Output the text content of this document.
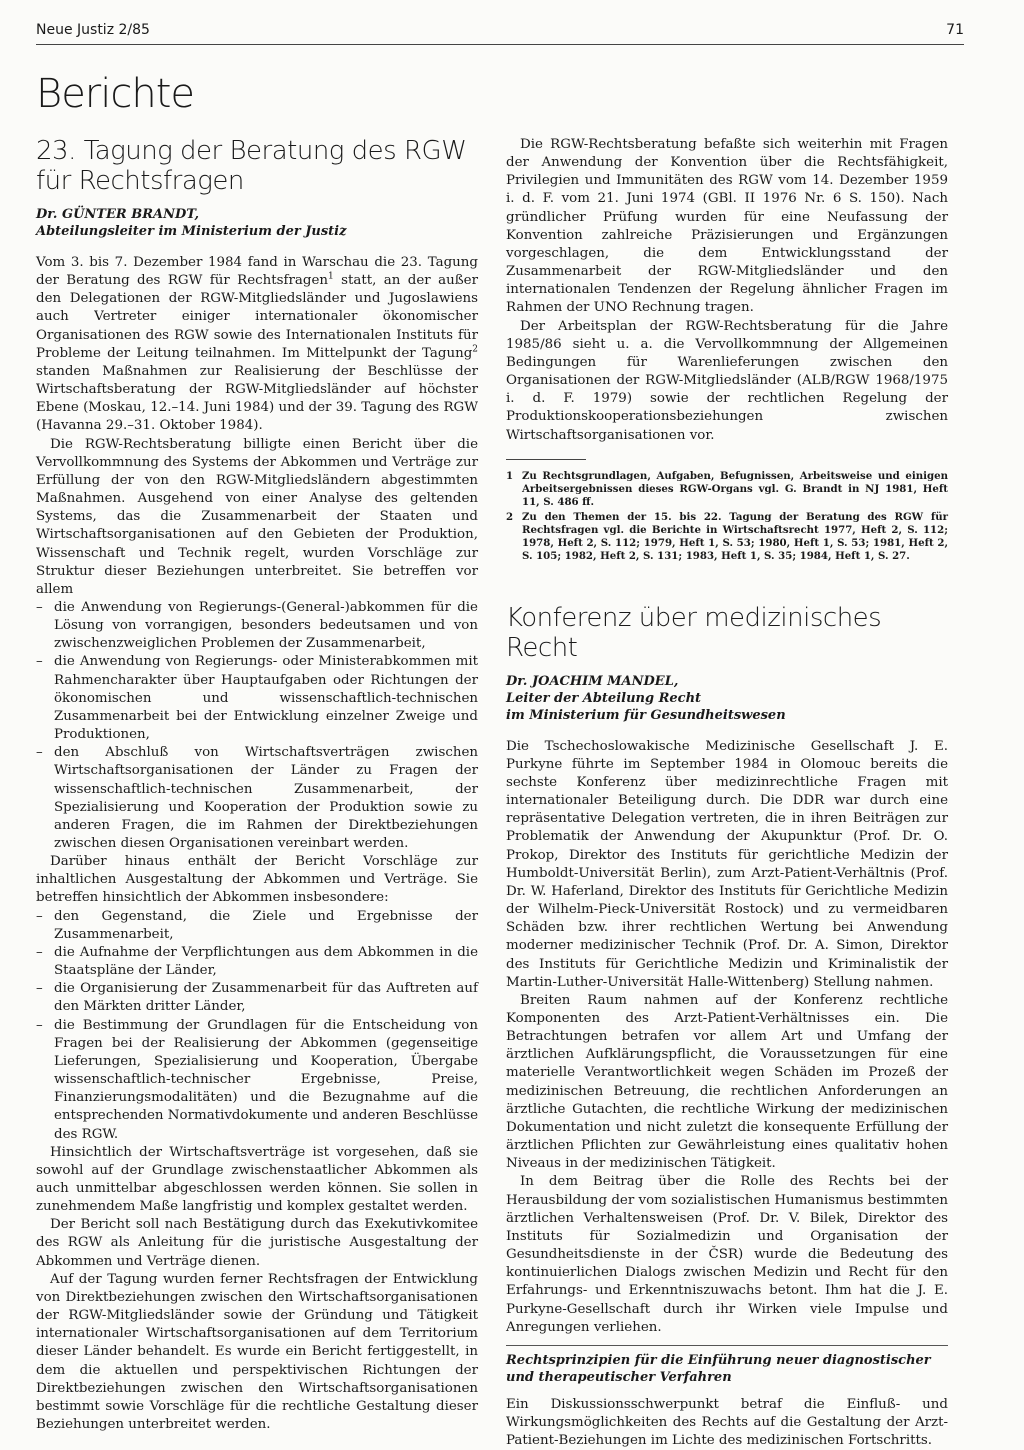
Neue Justiz 2/85	71
Berichte
23. Tagung der Beratung des RGW für Rechtsfragen
Dr. GÜNTER BRANDT,
Abteilungsleiter im Ministerium der Justiz

Vom 3. bis 7. Dezember 1984 fand in Warschau die 23. Tagung der Beratung des RGW für Rechtsfragen$^1$ statt, an der außer den Delegationen der RGW-Mitgliedsländer und Jugoslawiens auch Vertreter einiger internationaler ökonomischer Organisationen des RGW sowie des Internationalen Instituts für Probleme der Leitung teilnahmen. Im Mittelpunkt der Tagung$^2$ standen Maßnahmen zur Realisierung der Beschlüsse der Wirtschaftsberatung der RGW-Mitgliedsländer auf höchster Ebene (Moskau, 12.–14. Juni 1984) und der 39. Tagung des RGW (Havanna 29.–31. Oktober 1984).

Die RGW-Rechtsberatung billigte einen Bericht über die Vervollkommnung des Systems der Abkommen und Verträge zur Erfüllung der von den RGW-Mitgliedsländern abgestimmten Maßnahmen. Ausgehend von einer Analyse des geltenden Systems, das die Zusammenarbeit der Staaten und Wirtschaftsorganisationen auf den Gebieten der Produktion, Wissenschaft und Technik regelt, wurden Vorschläge zur Struktur dieser Beziehungen unterbreitet. Sie betreffen vor allem

– die Anwendung von Regierungs-(General-)abkommen für die Lösung von vorrangigen, besonders bedeutsamen und von zwischenzweiglichen Problemen der Zusammenarbeit,
– die Anwendung von Regierungs- oder Ministerabkommen mit Rahmencharakter über Hauptaufgaben oder Richtungen der ökonomischen und wissenschaftlich-technischen Zusammenarbeit bei der Entwicklung einzelner Zweige und Produktionen,
– den Abschluß von Wirtschaftsverträgen zwischen Wirtschaftsorganisationen der Länder zu Fragen der wissenschaftlich-technischen Zusammenarbeit, der Spezialisierung und Kooperation der Produktion sowie zu anderen Fragen, die im Rahmen der Direktbeziehungen zwischen diesen Organisationen vereinbart werden.

Darüber hinaus enthält der Bericht Vorschläge zur inhaltlichen Ausgestaltung der Abkommen und Verträge. Sie betreffen hinsichtlich der Abkommen insbesondere:

– den Gegenstand, die Ziele und Ergebnisse der Zusammenarbeit,
– die Aufnahme der Verpflichtungen aus dem Abkommen in die Staatspläne der Länder,
– die Organisierung der Zusammenarbeit für das Auftreten auf den Märkten dritter Länder,
– die Bestimmung der Grundlagen für die Entscheidung von Fragen bei der Realisierung der Abkommen (gegenseitige Lieferungen, Spezialisierung und Kooperation, Übergabe wissenschaftlich-technischer Ergebnisse, Preise, Finanzierungsmodalitäten) und die Bezugnahme auf die entsprechenden Normativdokumente und anderen Beschlüsse des RGW.

Hinsichtlich der Wirtschaftsverträge ist vorgesehen, daß sie sowohl auf der Grundlage zwischenstaatlicher Abkommen als auch unmittelbar abgeschlossen werden können. Sie sollen in zunehmendem Maße langfristig und komplex gestaltet werden.

Der Bericht soll nach Bestätigung durch das Exekutivkomitee des RGW als Anleitung für die juristische Ausgestaltung der Abkommen und Verträge dienen.

Auf der Tagung wurden ferner Rechtsfragen der Entwicklung von Direktbeziehungen zwischen den Wirtschaftsorganisationen der RGW-Mitgliedsländer sowie der Gründung und Tätigkeit internationaler Wirtschaftsorganisationen auf dem Territorium dieser Länder behandelt. Es wurde ein Bericht fertiggestellt, in dem die aktuellen und perspektivischen Richtungen der Direktbeziehungen zwischen den Wirtschaftsorganisationen bestimmt sowie Vorschläge für die rechtliche Gestaltung dieser Beziehungen unterbreitet werden.

Die RGW-Rechtsberatung befaßte sich weiterhin mit Fragen der Anwendung der Konvention über die Rechtsfähigkeit, Privilegien und Immunitäten des RGW vom 14. Dezember 1959 i. d. F. vom 21. Juni 1974 (GBl. II 1976 Nr. 6 S. 150). Nach gründlicher Prüfung wurden für eine Neufassung der Konvention zahlreiche Präzisierungen und Ergänzungen vorgeschlagen, die dem Entwicklungsstand der Zusammenarbeit der RGW-Mitgliedsländer und den internationalen Tendenzen der Regelung ähnlicher Fragen im Rahmen der UNO Rechnung tragen.

Der Arbeitsplan der RGW-Rechtsberatung für die Jahre 1985/86 sieht u. a. die Vervollkommnung der Allgemeinen Bedingungen für Warenlieferungen zwischen den Organisationen der RGW-Mitgliedsländer (ALB/RGW 1968/1975 i. d. F. 1979) sowie der rechtlichen Regelung der Produktionskooperationsbeziehungen zwischen Wirtschaftsorganisationen vor.

1 Zu Rechtsgrundlagen, Aufgaben, Befugnissen, Arbeitsweise und einigen Arbeitsergebnissen dieses RGW-Organs vgl. G. Brandt in NJ 1981, Heft 11, S. 486 ff.
2 Zu den Themen der 15. bis 22. Tagung der Beratung des RGW für Rechtsfragen vgl. die Berichte in Wirtschaftsrecht 1977, Heft 2, S. 112; 1978, Heft 2, S. 112; 1979, Heft 1, S. 53; 1980, Heft 1, S. 53; 1981, Heft 2, S. 105; 1982, Heft 2, S. 131; 1983, Heft 1, S. 35; 1984, Heft 1, S. 27.
Konferenz über medizinisches Recht
Dr. JOACHIM MANDEL,
Leiter der Abteilung Recht
im Ministerium für Gesundheitswesen

Die Tschechoslowakische Medizinische Gesellschaft J. E. Purkyne führte im September 1984 in Olomouc bereits die sechste Konferenz über medizinrechtliche Fragen mit internationaler Beteiligung durch. Die DDR war durch eine repräsentative Delegation vertreten, die in ihren Beiträgen zur Problematik der Anwendung der Akupunktur (Prof. Dr. O. Prokop, Direktor des Instituts für gerichtliche Medizin der Humboldt-Universität Berlin), zum Arzt-Patient-Verhältnis (Prof. Dr. W. Haferland, Direktor des Instituts für Gerichtliche Medizin der Wilhelm-Pieck-Universität Rostock) und zu vermeidbaren Schäden bzw. ihrer rechtlichen Wertung bei Anwendung moderner medizinischer Technik (Prof. Dr. A. Simon, Direktor des Instituts für Gerichtliche Medizin und Kriminalistik der Martin-Luther-Universität Halle-Wittenberg) Stellung nahmen.

Breiten Raum nahmen auf der Konferenz rechtliche Komponenten des Arzt-Patient-Verhältnisses ein. Die Betrachtungen betrafen vor allem Art und Umfang der ärztlichen Aufklärungspflicht, die Voraussetzungen für eine materielle Verantwortlichkeit wegen Schäden im Prozeß der medizinischen Betreuung, die rechtlichen Anforderungen an ärztliche Gutachten, die rechtliche Wirkung der medizinischen Dokumentation und nicht zuletzt die konsequente Erfüllung der ärztlichen Pflichten zur Gewährleistung eines qualitativ hohen Niveaus in der medizinischen Tätigkeit.

In dem Beitrag über die Rolle des Rechts bei der Herausbildung der vom sozialistischen Humanismus bestimmten ärztlichen Verhaltensweisen (Prof. Dr. V. Bilek, Direktor des Instituts für Sozialmedizin und Organisation der Gesundheitsdienste in der ČSR) wurde die Bedeutung des kontinuierlichen Dialogs zwischen Medizin und Recht für den Erfahrungs- und Erkenntniszuwachs betont. Ihm hat die J. E. Purkyne-Gesellschaft durch ihr Wirken viele Impulse und Anregungen verliehen.

Rechtsprinzipien für die Einführung neuer diagnostischer und therapeutischer Verfahren

Ein Diskussionsschwerpunkt betraf die Einfluß- und Wirkungsmöglichkeiten des Rechts auf die Gestaltung der Arzt-Patient-Beziehungen im Lichte des medizinischen Fortschritts.
